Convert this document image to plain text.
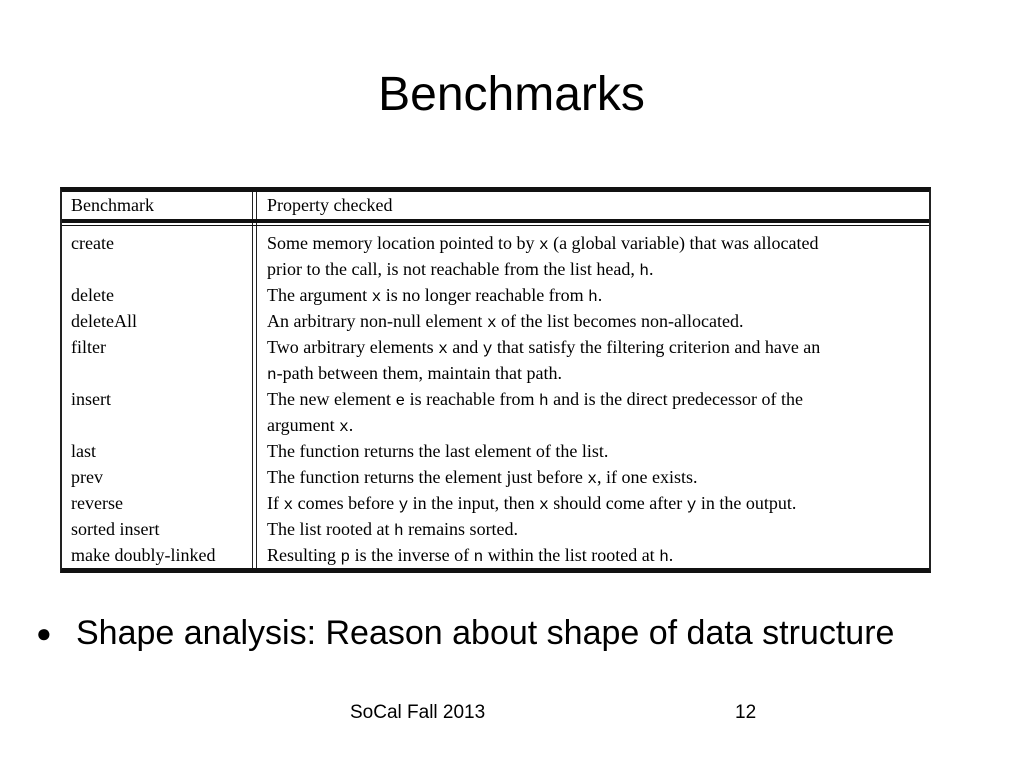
Benchmarks
Benchmark	Property checked
create	Some memory location pointed to by x (a global variable) that was allocated
prior to the call, is not reachable from the list head, h.
delete	The argument x is no longer reachable from h.
deleteAll	An arbitrary non-null element x of the list becomes non-allocated.
filter	Two arbitrary elements x and y that satisfy the filtering criterion and have an
n-path between them, maintain that path.
insert	The new element e is reachable from h and is the direct predecessor of the
argument x.
last	The function returns the last element of the list.
prev	The function returns the element just before x, if one exists.
reverse	If x comes before y in the input, then x should come after y in the output.
sorted insert	The list rooted at h remains sorted.
make doubly-linked	Resulting p is the inverse of n within the list rooted at h.
● Shape analysis: Reason about shape of data structure
SoCal Fall 2013	12
